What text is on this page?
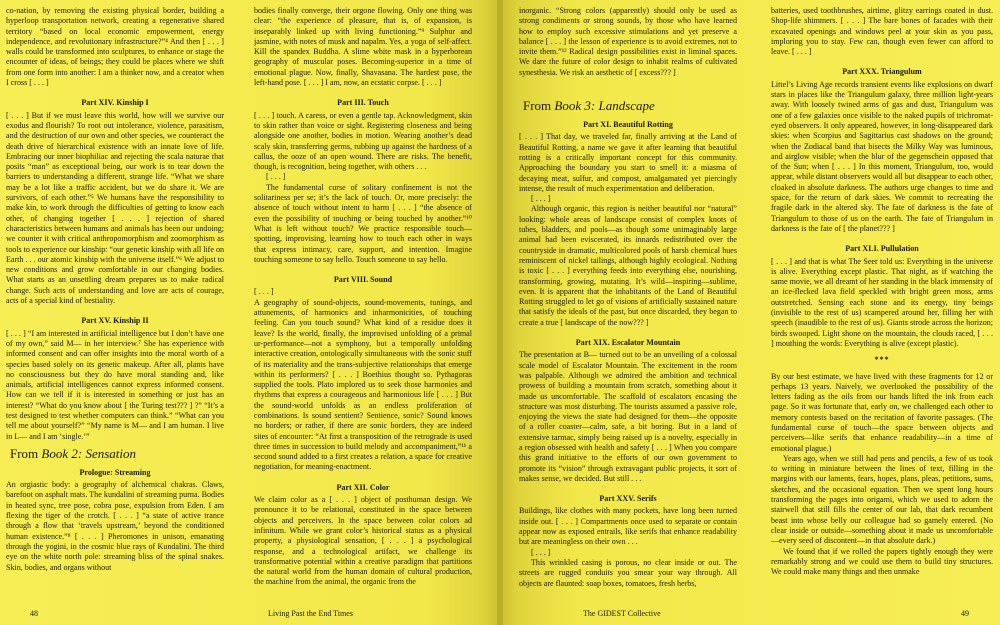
co-nation, by removing the existing physical border, building a hyperloop transportation network, creating a regenerative shared territory “based on local economic empowerment, energy independence, and revolutionary infrastructure?”⁴ And then [ . . . ] walls could be transformed into sculptures, to enhance or stage the encounter of ideas, of beings; they could be places where we shift from one form into another: I am a thinker now, and a creator when I cross [ . . . ]

Part XIV. Kinship I

[ . . . ] But if we must leave this world, how will we survive our exodus and flourish? To root out intolerance, violence, parasitism, and the destruction of our own and other species, we counteract the death drive of hierarchical existence with an innate love of life. Embracing our inner biophiliac and rejecting the scala naturae that posits “man” as exceptional being, our work is to tear down the barriers to understanding a different, strange life. “What we share may be a lot like a traffic accident, but we do share it. We are survivors, of each other.”⁵ We humans have the responsibility to make kin, to work through the difficulties of getting to know each other, of changing together [ . . . ] rejection of shared characteristics between humans and animals has been our undoing; we counter it with critical anthropomorphism and zoomorphism as tools to experience our kinship: “our genetic kinship with all life on Earth . . . our atomic kinship with the universe itself.”⁶ We adjust to new conditions and grow comfortable in our changing bodies. What starts as an unsettling dream prepares us to make radical change. Such acts of understanding and love are acts of courage, acts of a special kind of bestiality.

Part XV. Kinship II

[ . . . ] “I am interested in artificial intelligence but I don’t have one of my own,” said M— in her interview.⁷ She has experience with informed consent and can offer insights into the moral worth of a species based solely on its genetic makeup. After all, plants have no consciousness but they do have moral standing and, like animals, artificial intelligences cannot express informed consent. How can we tell if it is interested in something or just has an interest? “What do you know about [ the Turing test??? ] ?” “It’s a test designed to test whether computers can think.” “What can you tell me about yourself?” “My name is M— and I am human. I live in L— and I am ‘single.’”

From Book 2: Sensation

Prologue: Streaming

An orgiastic body: a geography of alchemical chakras. Claws, barefoot on asphalt mats. The kundalini of streaming purna. Bodies in heated sync, tree pose, cobra pose, expulsion from Eden. I am flexing the tiger of the crotch. [ . . . ] “a state of active trance through a flow that ‘travels upstream,’ beyond the conditioned human existence.”⁸ [ . . . ] Pheromones in unison, emanating through the yogini, in the cosmic blue rays of Kundalini. The third eye on the white north pole: streaming bliss of the spinal snakes. Skin, bodies, and organs without

bodies finally converge, their orgone flowing. Only one thing was clear: “the experience of pleasure, that is, of expansion, is inseparably linked up with living functioning.”⁹ Sulphur and jasmine, with notes of musk and napalm. Yes, a yoga of self-affect. Kill the spandex Buddha. A slime white mask in a hyperborean geography of muscular poses. Becoming-superior in a time of emotional plague. Now, finally, Shavasana. The hardest pose, the left-hand pose. [ . . . ] I am, now, an ecstatic corpse. [ . . . ]

Part III. Touch

[ . . . ] touch. A caress, or even a gentle tap. Acknowledgment, skin to skin rather than voice or sight. Registering closeness and being alongside one another, bodies in motion. Wearing another’s dead scaly skin, transferring germs, rubbing up against the hardness of a callus, the ooze of an open wound. There are risks. The benefit, though, is recognition, being together, with others . . .

[ . . . ]

The fundamental curse of solitary confinement is not the solitariness per se; it’s the lack of touch. Or, more precisely: the absence of touch without intent to harm [ . . . ] “the absence of even the possibility of touching or being touched by another.”¹⁰ What is left without touch? We practice responsible touch—spotting, improvising, learning how to touch each other in ways that express intimacy, care, support, and intention. Imagine touching someone to say hello. Touch someone to say hello.

Part VIII. Sound

[ . . . ]

A geography of sound-objects, sound-movements, tunings, and attunements, of harmonics and inharmonicities, of touching feeling. Can you touch sound? What kind of a residue does it leave? Is the world, finally, the improvised unfolding of a primal ur-performance—not a symphony, but a temporally unfolding interactive creation, ontologically simultaneous with the sonic stuff of its materiality and the trans-subjective relationships that emerge within its performers? [ . . . ] Boethius thought so. Pythagoras supplied the tools. Plato implored us to seek those harmonies and rhythms that express a courageous and harmonious life [ . . . ] But the sound-world unfolds as an endless proliferation of combinations. Is sound sentient? Sentience, sonic? Sound knows no borders; or rather, if there are sonic borders, they are indeed sites of encounter: “At first a transposition of the retrograde is used three times in succession to build melody and accompaniment,”¹¹ a second sound added to a first creates a relation, a space for creative negotiation, for meaning-enactment.

Part XII. Color

We claim color as a [ . . . ] object of posthuman design. We pronounce it to be relational, constituted in the space between objects and perceivers. In the space between color colors ad infinitum. While we grant color’s historical status as a physical property, a physiological sensation, [ . . . ] a psychological response, and a technological artifact, we challenge its transformative potential within a creative paradigm that partitions the natural world from the human domain of cultural production, the machine from the animal, the organic from the

48	Living Past the End Times

inorganic. “Strong colors (apparently) should only be used as strong condiments or strong sounds, by those who have learned how to employ such excessive stimulations and yet preserve a balance [ . . . ] the lesson of experience is to avoid extremes, not to invite them.”¹² Radical design possibilities exist in liminal spaces. We dare the future of color design to inhabit realms of cultivated synesthesia. We risk an aesthetic of [ excess??? ]

From Book 3: Landscape

Part XI. Beautiful Rotting

[ . . . ] That day, we traveled far, finally arriving at the Land of Beautiful Rotting, a name we gave it after learning that beautiful rotting is a critically important concept for this community. Approaching the boundary you start to smell it: a miasma of decaying meat, sulfur, and compost, amalgamated yet piercingly intense, the result of much experimentation and deliberation.

[ . . . ]

Although organic, this region is neither beautiful nor “natural” looking: whole areas of landscape consist of complex knots of tubes, bladders, and pools—as though some unimaginably large animal had been eviscerated, its innards redistributed over the countryside in dramatic, multicolored pools of harsh chemical hues reminiscent of nickel tailings, although highly ecological. Nothing is toxic [ . . . ] everything feeds into everything else, nourishing, transforming, growing, mutating. It’s wild—inspiring—sublime, even. It is apparent that the inhabitants of the Land of Beautiful Rotting struggled to let go of visions of artificially sustained nature that satisfy the ideals of the past, but once discarded, they began to create a true [ landscape of the now??? ]

Part XIX. Escalator Mountain

The presentation at B— turned out to be an unveiling of a colossal scale model of Escalator Mountain. The excitement in the room was palpable. Although we admired the ambition and technical prowess of building a mountain from scratch, something about it made us uncomfortable. The scaffold of escalators encasing the structure was most disturbing. The tourists assumed a passive role, enjoying the views the state had designed for them—the opposite of a roller coaster—calm, safe, a bit boring. But in a land of extensive tarmac, simply being raised up is a novelty, especially in a region obsessed with health and safety [ . . . ] When you compare this grand initiative to the efforts of our own government to promote its “vision” through extravagant public projects, it sort of makes sense, we decided. But still . . .

Part XXV. Serifs

Buildings, like clothes with many pockets, have long been turned inside out. [ . . . ] Compartments once used to separate or contain appear now as exposed entrails, like serifs that enhance readability but are meaningless on their own . . .

[ . . . ]

This wrinkled casing is porous, no clear inside or out. The streets are rugged conduits you smear your way through. All objects are flaunted: soap boxes, tomatoes, fresh herbs,

batteries, used toothbrushes, airtime, glitzy earrings coated in dust. Shop-life shimmers. [ . . . ] The bare bones of facades with their excavated openings and windows peel at your skin as you pass, imploring you to stay. Few can, though even fewer can afford to leave. [ . . . ]

Part XXX. Triangulum

Littel’s Living Age records transient events like explosions on dwarf stars in places like the Triangulum galaxy, three million light-years away. With loosely twined arms of gas and dust, Triangulum was one of a few galaxies once visible to the naked pupils of trichromat-eyed observers. It only appeared, however, in long-disappeared dark skies: when Scorpius and Sagittarius cast shadows on the ground; when the Zodiacal band that bisects the Milky Way was luminous, and airglow visible; when the blur of the gegenschein opposed that of the Sun; when [ . . . ] In this moment, Triangulum, too, would appear, while distant observers would all but disappear to each other, cloaked in absolute darkness. The authors urge changes to time and space, for the return of dark skies. We commit to recreating the fragile dark in the altered sky. The fate of darkness is the fate of Triangulum to those of us on the earth. The fate of Triangulum in darkness is the fate of [ the planet??? ]

Part XLI. Pullulation

[ . . . ] and that is what The Seer told us: Everything in the universe is alive. Everything except plastic. That night, as if watching the same movie, we all dreamt of her standing in the black immensity of an ice-flecked lava field speckled with bright green moss, arms outstretched. Sensing each stone and its energy, tiny beings (invisible to the rest of us) scampered around her, filling her with speech (inaudible to the rest of us). Giants strode across the horizon; birds swooped. Light shone on the mountain, the clouds raced, [ . . . ] mouthing the words: Everything is alive (except plastic).

***

By our best estimate, we have lived with these fragments for 12 or perhaps 13 years. Naively, we overlooked the possibility of the letters fading as the oils from our hands lifted the ink from each page. So it was fortunate that, early on, we challenged each other to memory contests based on the recitation of favorite passages. (The fundamental curse of touch—the space between objects and perceivers—like serifs that enhance readability—in a time of emotional plague.)

Years ago, when we still had pens and pencils, a few of us took to writing in miniature between the lines of text, filling in the margins with our laments, fears, hopes, plans, pleas, petitions, sums, sketches, and the occasional equation. Then we spent long hours transforming the pages into origami, which we used to adorn the stairwell that still fills the center of our lab, that dark recumbent beast into whose belly our colleague had so gamely entered. (No clear inside or outside—something about it made us uncomfortable—every seed of discontent—in that absolute dark.)

We found that if we rolled the papers tightly enough they were remarkably strong and we could use them to build tiny structures. We could make many things and then unmake

The GIDEST Collective	49
